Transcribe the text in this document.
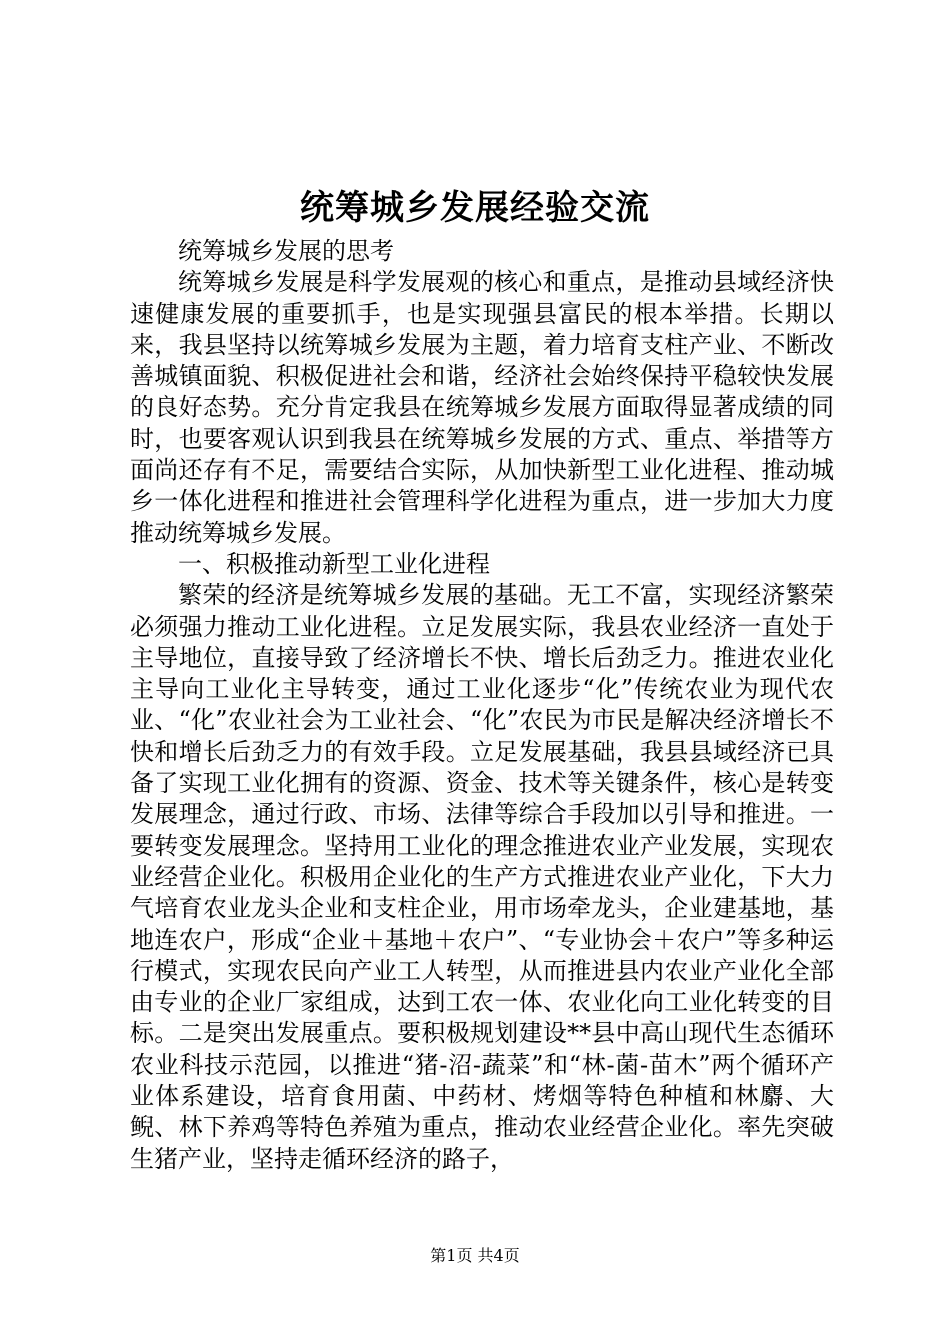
统筹城乡发展经验交流

统筹城乡发展的思考

统筹城乡发展是科学发展观的核心和重点，是推动县域经济快速健康发展的重要抓手，也是实现强县富民的根本举措。长期以来，我县坚持以统筹城乡发展为主题，着力培育支柱产业、不断改善城镇面貌、积极促进社会和谐，经济社会始终保持平稳较快发展的良好态势。充分肯定我县在统筹城乡发展方面取得显著成绩的同时，也要客观认识到我县在统筹城乡发展的方式、重点、举措等方面尚还存有不足，需要结合实际，从加快新型工业化进程、推动城乡一体化进程和推进社会管理科学化进程为重点，进一步加大力度推动统筹城乡发展。

一、积极推动新型工业化进程

繁荣的经济是统筹城乡发展的基础。无工不富，实现经济繁荣必须强力推动工业化进程。立足发展实际，我县农业经济一直处于主导地位，直接导致了经济增长不快、增长后劲乏力。推进农业化主导向工业化主导转变，通过工业化逐步“化”传统农业为现代农业、“化”农业社会为工业社会、“化”农民为市民是解决经济增长不快和增长后劲乏力的有效手段。立足发展基础，我县县域经济已具备了实现工业化拥有的资源、资金、技术等关键条件，核心是转变发展理念，通过行政、市场、法律等综合手段加以引导和推进。一要转变发展理念。坚持用工业化的理念推进农业产业发展，实现农业经营企业化。积极用企业化的生产方式推进农业产业化，下大力气培育农业龙头企业和支柱企业，用市场牵龙头，企业建基地，基地连农户，形成“企业＋基地＋农户”、“专业协会＋农户”等多种运行模式，实现农民向产业工人转型，从而推进县内农业产业化全部由专业的企业厂家组成，达到工农一体、农业化向工业化转变的目标。二是突出发展重点。要积极规划建设**县中高山现代生态循环农业科技示范园，以推进“猪-沼-蔬菜”和“林-菌-苗木”两个循环产业体系建设，培育食用菌、中药材、烤烟等特色种植和林麝、大鲵、林下养鸡等特色养殖为重点，推动农业经营企业化。率先突破生猪产业，坚持走循环经济的路子，

第1页 共4页
